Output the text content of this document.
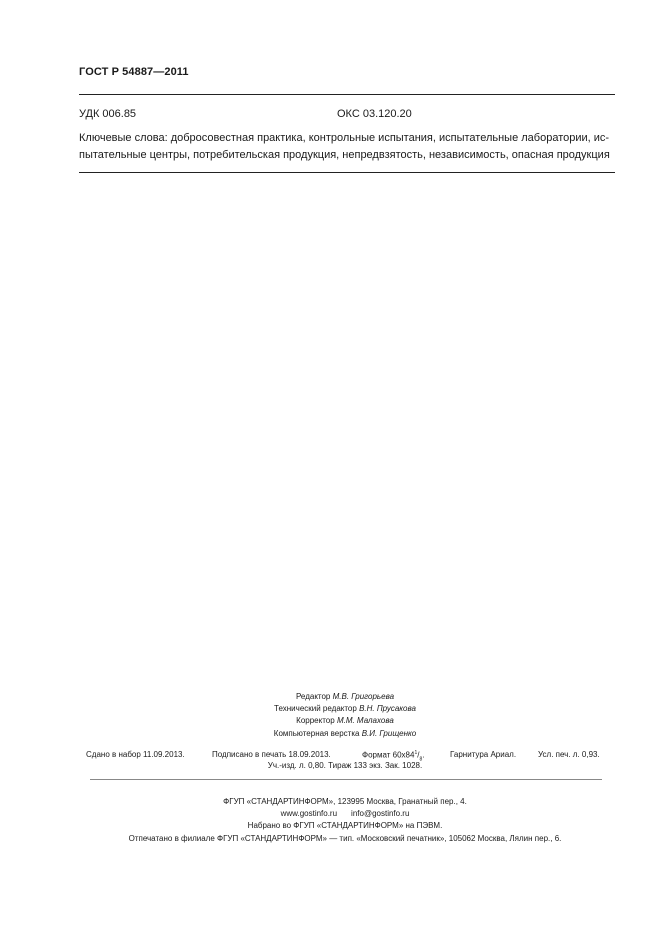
ГОСТ Р 54887—2011
УДК 006.85	ОКС 03.120.20
Ключевые слова: добросовестная практика, контрольные испытания, испытательные лаборатории, ис-
пытательные центры, потребительская продукция, непредвзятость, независимость, опасная продукция
Редактор М.В. Григорьева
Технический редактор В.Н. Прусакова
Корректор М.М. Малахова
Компьютерная верстка В.И. Грищенко
Сдано в набор 11.09.2013.	Подписано в печать 18.09.2013.	Формат $60x84^1/_8$.	Гарнитура Ариал.	Усл. печ. л. 0,93.
Уч.-изд. л. 0,80. Тираж 133 экз. Зак. 1028.
ФГУП «СТАНДАРТИНФОРМ», 123995 Москва, Гранатный пер., 4.
www.gostinfo.ru info@gostinfo.ru
Набрано во ФГУП «СТАНДАРТИНФОРМ» на ПЭВМ.
Отпечатано в филиале ФГУП «СТАНДАРТИНФОРМ» — тип. «Московский печатник», 105062 Москва, Лялин пер., 6.
